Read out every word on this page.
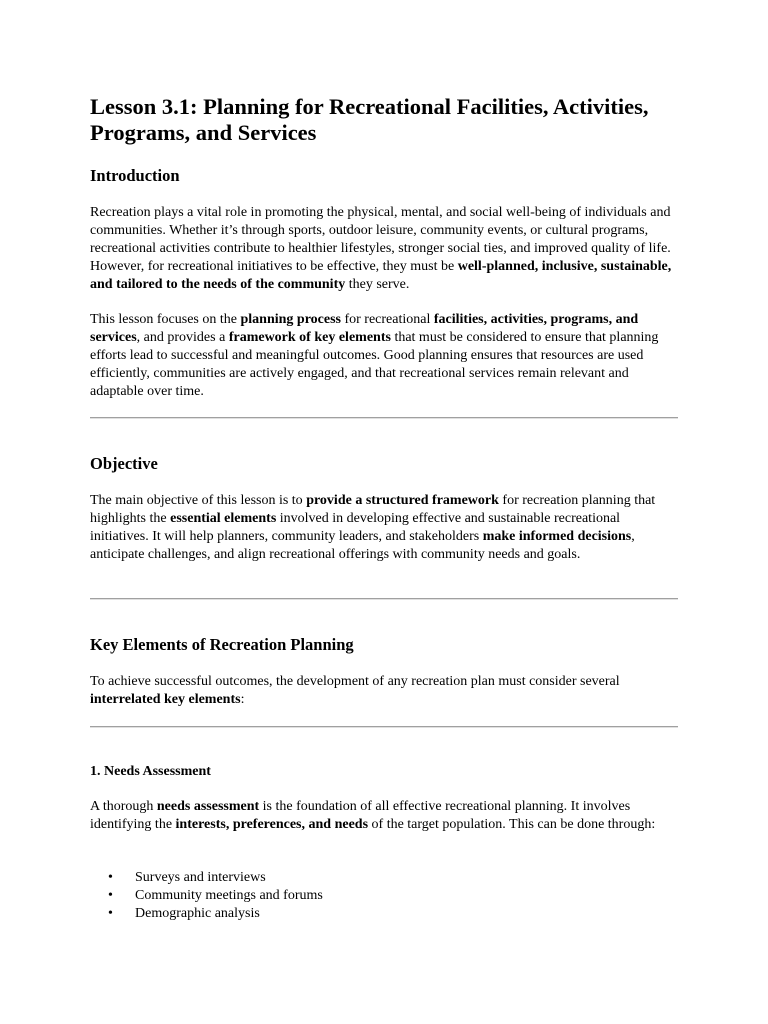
Lesson 3.1: Planning for Recreational Facilities, Activities, Programs, and Services
Introduction

Recreation plays a vital role in promoting the physical, mental, and social well-being of individuals and communities. Whether it’s through sports, outdoor leisure, community events, or cultural programs, recreational activities contribute to healthier lifestyles, stronger social ties, and improved quality of life. However, for recreational initiatives to be effective, they must be well-planned, inclusive, sustainable, and tailored to the needs of the community they serve.

This lesson focuses on the planning process for recreational facilities, activities, programs, and services, and provides a framework of key elements that must be considered to ensure that planning efforts lead to successful and meaningful outcomes. Good planning ensures that resources are used efficiently, communities are actively engaged, and that recreational services remain relevant and adaptable over time.

Objective

The main objective of this lesson is to provide a structured framework for recreation planning that highlights the essential elements involved in developing effective and sustainable recreational initiatives. It will help planners, community leaders, and stakeholders make informed decisions, anticipate challenges, and align recreational offerings with community needs and goals.

Key Elements of Recreation Planning

To achieve successful outcomes, the development of any recreation plan must consider several interrelated key elements:

1. Needs Assessment

A thorough needs assessment is the foundation of all effective recreational planning. It involves identifying the interests, preferences, and needs of the target population. This can be done through:

• Surveys and interviews
• Community meetings and forums
• Demographic analysis
